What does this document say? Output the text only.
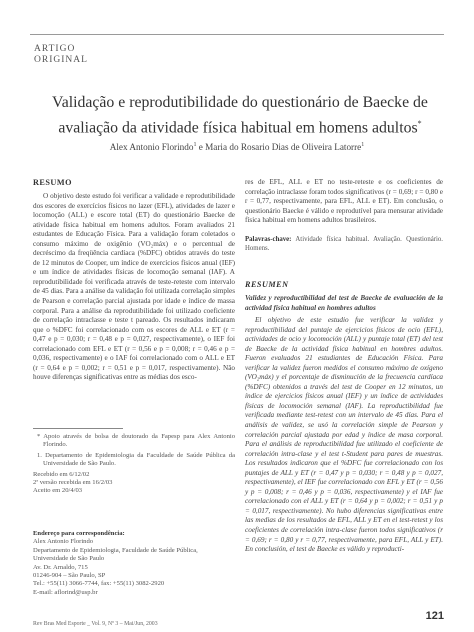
ARTIGO
ORIGINAL
Validação e reprodutibilidade do questionário de Baecke de
avaliação da atividade física habitual em homens adultos*
Alex Antonio Florindo$^1$ e Maria do Rosario Dias de Oliveira Latorre$^1$
RESUMO

O objetivo deste estudo foi verificar a validade e reprodutibilidade dos escores de exercícios físicos no lazer (EFL), atividades de lazer e locomoção (ALL) e escore total (ET) do questionário Baecke de atividade física habitual em homens adultos. Foram avaliados 21 estudantes de Educação Física. Para a validação foram coletados o consumo máximo de oxigênio (VO₂máx) e o percentual de decréscimo da freqüência cardíaca (%DFC) obtidos através do teste de 12 minutos de Cooper, um índice de exercícios físicos anual (IEF) e um índice de atividades físicas de locomoção semanal (IAF). A reprodutibilidade foi verificada através de teste-reteste com intervalo de 45 dias. Para a análise da validação foi utilizada correlação simples de Pearson e correlação parcial ajustada por idade e índice de massa corporal. Para a análise da reprodutibilidade foi utilizado coeficiente de correlação intraclasse e teste t pareado. Os resultados indicaram que o %DFC foi correlacionado com os escores de ALL e ET (r = 0,47 e p = 0,030; r = 0,48 e p = 0,027, respectivamente), o IEF foi correlacionado com EFL e ET (r = 0,56 e p = 0,008; r = 0,46 e p = 0,036, respectivamente) e o IAF foi correlacionado com o ALL e ET (r = 0,64 e p = 0,002; r = 0,51 e p = 0,017, respectivamente). Não houve diferenças significativas entre as médias dos esco-

* Apoio através de bolsa de doutorado da Fapesp para Alex Antonio Florindo.

1. Departamento de Epidemiologia da Faculdade de Saúde Pública da Universidade de São Paulo.

Recebido em 6/12/02

2ª versão recebida em 16/2/03

Aceito em 20/4/03

Endereço para correspondência:

Alex Antonio Florindo

Departamento de Epidemiologia, Faculdade de Saúde Pública,

Universidade de São Paulo

Av. Dr. Arnaldo, 715

01246-904 – São Paulo, SP

Tel.: +55(11) 3066-7744, fax: +55(11) 3082-2920

E-mail: aflorind@usp.br

res de EFL, ALL e ET no teste-reteste e os coeficientes de correlação intraclasse foram todos significativos (r = 0,69; r = 0,80 e r = 0,77, respectivamente, para EFL, ALL e ET). Em conclusão, o questionário Baecke é válido e reprodutível para mensurar atividade física habitual em homens adultos brasileiros.

Palavras-chave: Atividade física habitual. Avaliação. Questionário. Homens.
RESUMEN

Validez y reproductibilidad del test de Baecke de evaluación de la actividad física habitual en hombres adultos

El objetivo de este estudio fue verificar la validez y reproductibilidad del puntaje de ejercicios físicos de ocio (EFL), actividades de ocio y locomoción (ALL) y puntaje total (ET) del test de Baecke de la actividad física habitual en hombres adultos. Fueron evaluados 21 estudiantes de Educación Física. Para verificar la validez fueron medidos el consumo máximo de oxígeno (VO₂máx) y el porcentaje de disminución de la frecuencia cardíaca (%DFC) obtenidos a través del test de Cooper en 12 minutos, un índice de ejercicios físicos anual (IEF) y un índice de actividades físicas de locomoción semanal (IAF). La reproductibilidad fue verificada mediante test-retest con un intervalo de 45 días. Para el análisis de validez, se usó la correlación simple de Pearson y correlación parcial ajustada por edad y índice de masa corporal. Para el análisis de reproductibilidad fue utilizado el coeficiente de correlación intra-clase y el test t-Student para pares de muestras. Los resultados indicaron que el %DFC fue correlacionado con los puntajes de ALL y ET (r = 0,47 y p = 0,030; r = 0,48 y p = 0,027, respectivamente), el IEF fue correlacionado con EFL y ET (r = 0,56 y p = 0,008; r = 0,46 y p = 0,036, respectivamente) y el IAF fue correlacionado con el ALL y ET (r = 0,64 y p = 0,002; r = 0,51 y p = 0,017, respectivamente). No hubo diferencias significativas entre las medias de los resultados de EFL, ALL y ET en el test-retest y los coeficientes de correlación intra-clase fueron todos significativos (r = 0,69; r = 0,80 y r = 0,77, respectivamente, para EFL, ALL y ET). En conclusión, el test de Baecke es válido y reproducti-

Rev Bras Med Esporte _ Vol. 9, Nº 3 – Mai/Jun, 2003
121
